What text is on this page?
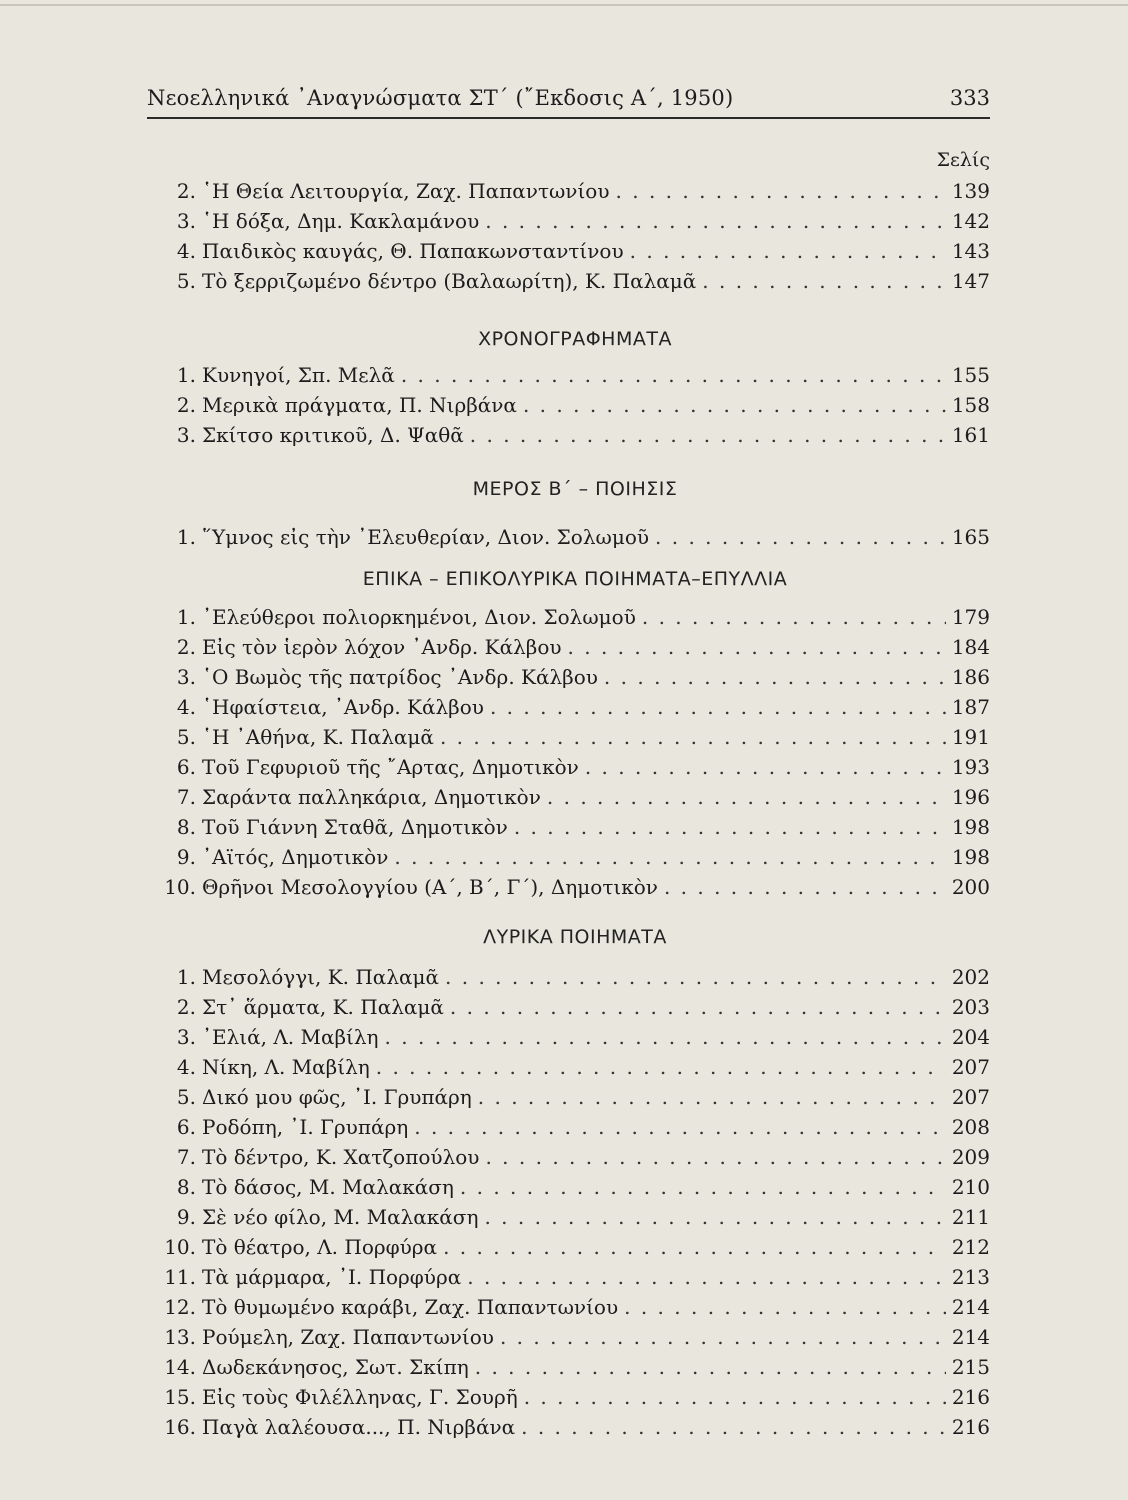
Νεοελληνικά ᾿Αναγνώσματα ΣΤ΄ (῎Εκδοσις Α΄, 1950)	333
Σελίς
2. ῾Η Θεία Λειτουργία, Ζαχ. Παπαντωνίου . . .	139
3. ῾Η δόξα, Δημ. Κακλαμάνου . . .	142
4. Παιδικὸς καυγάς, Θ. Παπακωνσταντίνου . . .	143
5. Τὸ ξερριζωμένο δέντρο (Βαλαωρίτη), Κ. Παλαμᾶ . . .	147
ΧΡΟΝΟΓΡΑΦΗΜΑΤΑ
1. Κυνηγοί, Σπ. Μελᾶ . . .	155
2. Μερικὰ πράγματα, Π. Νιρβάνα . . .	158
3. Σκίτσο κριτικοῦ, Δ. Ψαθᾶ . . .	161
ΜΕΡΟΣ Β΄ – ΠΟΙΗΣΙΣ
1. ῞Υμνος εἰς τὴν ᾿Ελευθερίαν, Διον. Σολωμοῦ . . .	165
ΕΠΙΚΑ – ΕΠΙΚΟΛΥΡΙΚΑ ΠΟΙΗΜΑΤΑ–ΕΠΥΛΛΙΑ
1. ᾿Ελεύθεροι πολιορκημένοι, Διον. Σολωμοῦ . . .	179
2. Εἰς τὸν ἱερὸν λόχον ᾿Ανδρ. Κάλβου . . .	184
3. ῾Ο Βωμὸς τῆς πατρίδος ᾿Ανδρ. Κάλβου . . .	186
4. ῾Ηφαίστεια, ᾿Ανδρ. Κάλβου . . .	187
5. ῾Η ᾿Αθήνα, Κ. Παλαμᾶ . . .	191
6. Τοῦ Γεφυριοῦ τῆς ῎Αρτας, Δημοτικὸν . . .	193
7. Σαράντα παλληκάρια, Δημοτικὸν . . .	196
8. Τοῦ Γιάννη Σταθᾶ, Δημοτικὸν . . .	198
9. ᾿Αϊτός, Δημοτικὸν . . .	198
10. Θρῆνοι Μεσολογγίου (Α΄, Β΄, Γ΄), Δημοτικὸν . . .	200
ΛΥΡΙΚΑ ΠΟΙΗΜΑΤΑ
1. Μεσολόγγι, Κ. Παλαμᾶ . . .	202
2. Στ᾿ ἅρματα, Κ. Παλαμᾶ . . .	203
3. ᾿Ελιά, Λ. Μαβίλη . . .	204
4. Νίκη, Λ. Μαβίλη . . .	207
5. Δικό μου φῶς, ᾿Ι. Γρυπάρη . . .	207
6. Ροδόπη, ᾿Ι. Γρυπάρη . . .	208
7. Τὸ δέντρο, Κ. Χατζοπούλου . . .	209
8. Τὸ δάσος, Μ. Μαλακάση . . .	210
9. Σὲ νέο φίλο, Μ. Μαλακάση . . .	211
10. Τὸ θέατρο, Λ. Πορφύρα . . .	212
11. Τὰ μάρμαρα, ᾿Ι. Πορφύρα . . .	213
12. Τὸ θυμωμένο καράβι, Ζαχ. Παπαντωνίου . . .	214
13. Ρούμελη, Ζαχ. Παπαντωνίου . . .	214
14. Δωδεκάνησος, Σωτ. Σκίπη . . .	215
15. Εἰς τοὺς Φιλέλληνας, Γ. Σουρῆ . . .	216
16. Παγὰ λαλέουσα..., Π. Νιρβάνα . . .	216
